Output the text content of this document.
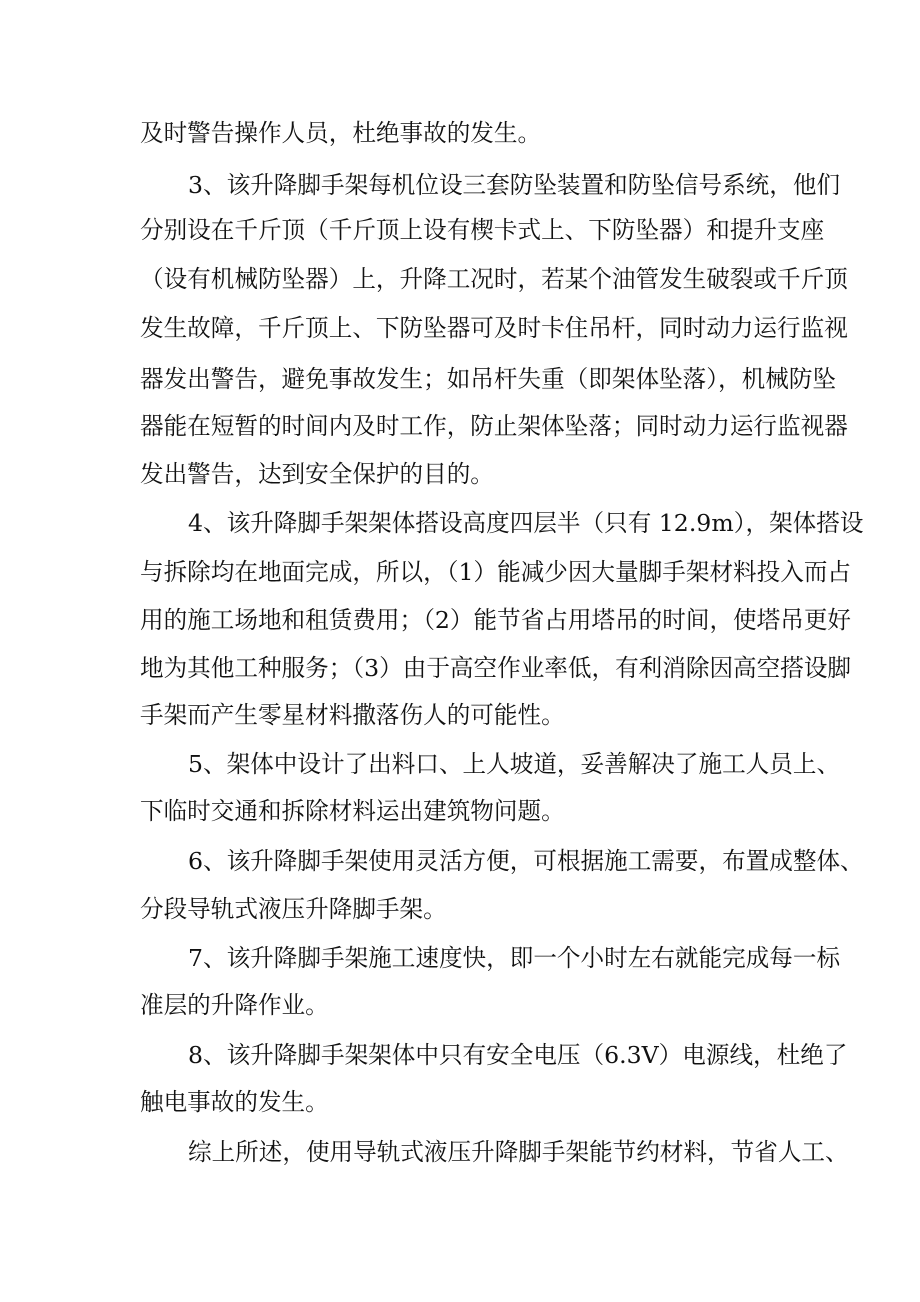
及时警告操作人员，杜绝事故的发生。
3、该升降脚手架每机位设三套防坠装置和防坠信号系统，他们
分别设在千斤顶（千斤顶上设有楔卡式上、下防坠器）和提升支座
（设有机械防坠器）上，升降工况时，若某个油管发生破裂或千斤顶
发生故障，千斤顶上、下防坠器可及时卡住吊杆，同时动力运行监视
器发出警告，避免事故发生；如吊杆失重（即架体坠落），机械防坠
器能在短暂的时间内及时工作，防止架体坠落；同时动力运行监视器
发出警告，达到安全保护的目的。
4、该升降脚手架架体搭设高度四层半（只有 12.9m），架体搭设
与拆除均在地面完成，所以，（1）能减少因大量脚手架材料投入而占
用的施工场地和租赁费用；（2）能节省占用塔吊的时间，使塔吊更好
地为其他工种服务；（3）由于高空作业率低，有利消除因高空搭设脚
手架而产生零星材料撒落伤人的可能性。
5、架体中设计了出料口、上人坡道，妥善解决了施工人员上、
下临时交通和拆除材料运出建筑物问题。
6、该升降脚手架使用灵活方便，可根据施工需要，布置成整体、
分段导轨式液压升降脚手架。
7、该升降脚手架施工速度快，即一个小时左右就能完成每一标
准层的升降作业。
8、该升降脚手架架体中只有安全电压（6.3V）电源线，杜绝了
触电事故的发生。
综上所述，使用导轨式液压升降脚手架能节约材料，节省人工、
